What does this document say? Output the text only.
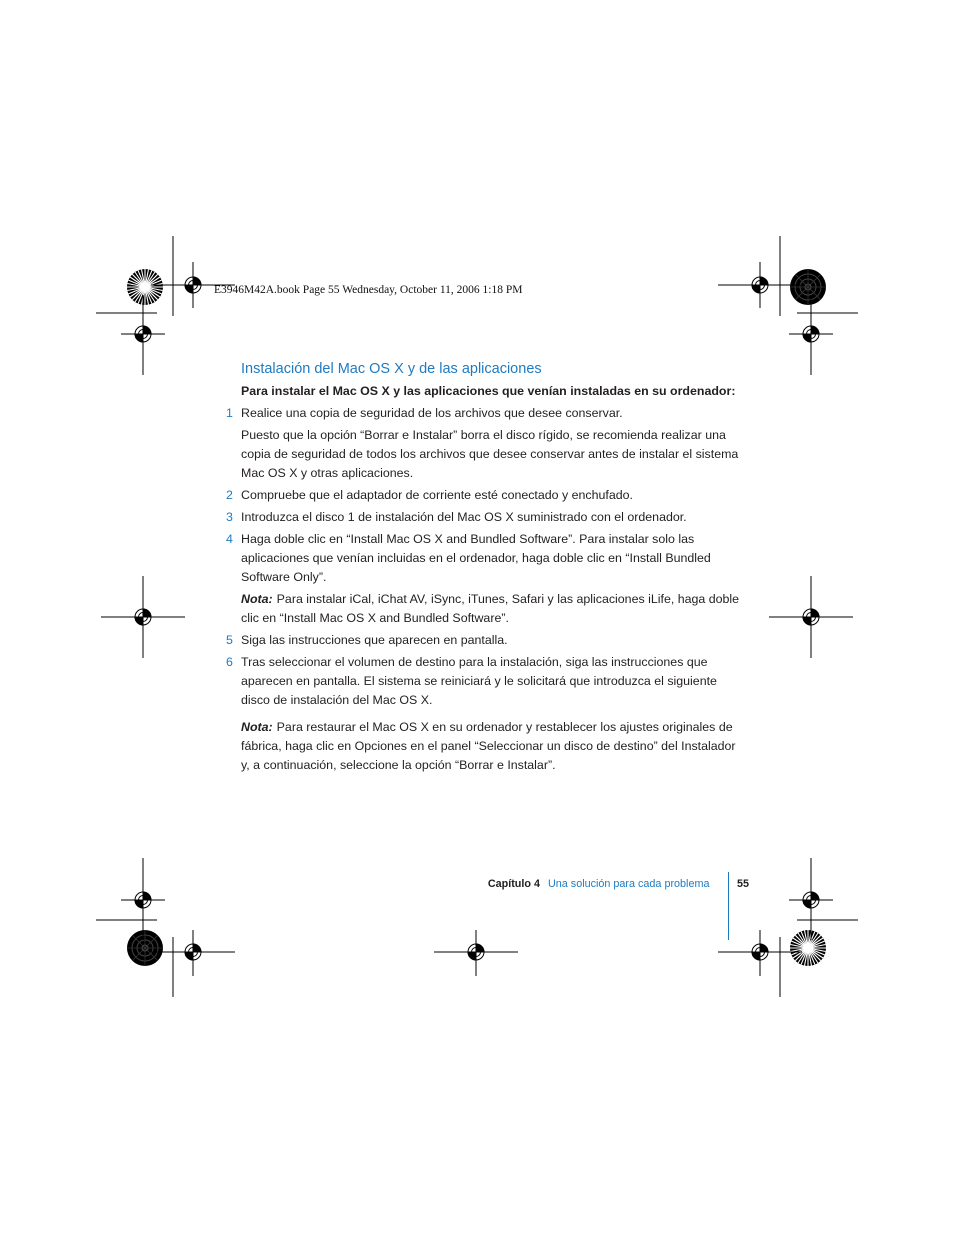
E3946M42A.book Page 55 Wednesday, October 11, 2006 1:18 PM

Instalación del Mac OS X y de las aplicaciones

Para instalar el Mac OS X y las aplicaciones que venían instaladas en su ordenador:

1 Realice una copia de seguridad de los archivos que desee conservar.

Puesto que la opción “Borrar e Instalar” borra el disco rígido, se recomienda realizar una copia de seguridad de todos los archivos que desee conservar antes de instalar el sistema Mac OS X y otras aplicaciones.

2 Compruebe que el adaptador de corriente esté conectado y enchufado.

3 Introduzca el disco 1 de instalación del Mac OS X suministrado con el ordenador.

4 Haga doble clic en “Install Mac OS X and Bundled Software”. Para instalar solo las aplicaciones que venían incluidas en el ordenador, haga doble clic en “Install Bundled Software Only”.

Nota: Para instalar iCal, iChat AV, iSync, iTunes, Safari y las aplicaciones iLife, haga doble clic en “Install Mac OS X and Bundled Software”.

5 Siga las instrucciones que aparecen en pantalla.

6 Tras seleccionar el volumen de destino para la instalación, siga las instrucciones que aparecen en pantalla. El sistema se reiniciará y le solicitará que introduzca el siguiente disco de instalación del Mac OS X.

Nota: Para restaurar el Mac OS X en su ordenador y restablecer los ajustes originales de fábrica, haga clic en Opciones en el panel “Seleccionar un disco de destino” del Instalador y, a continuación, seleccione la opción “Borrar e Instalar”.

Capítulo 4 Una solución para cada problema	55
